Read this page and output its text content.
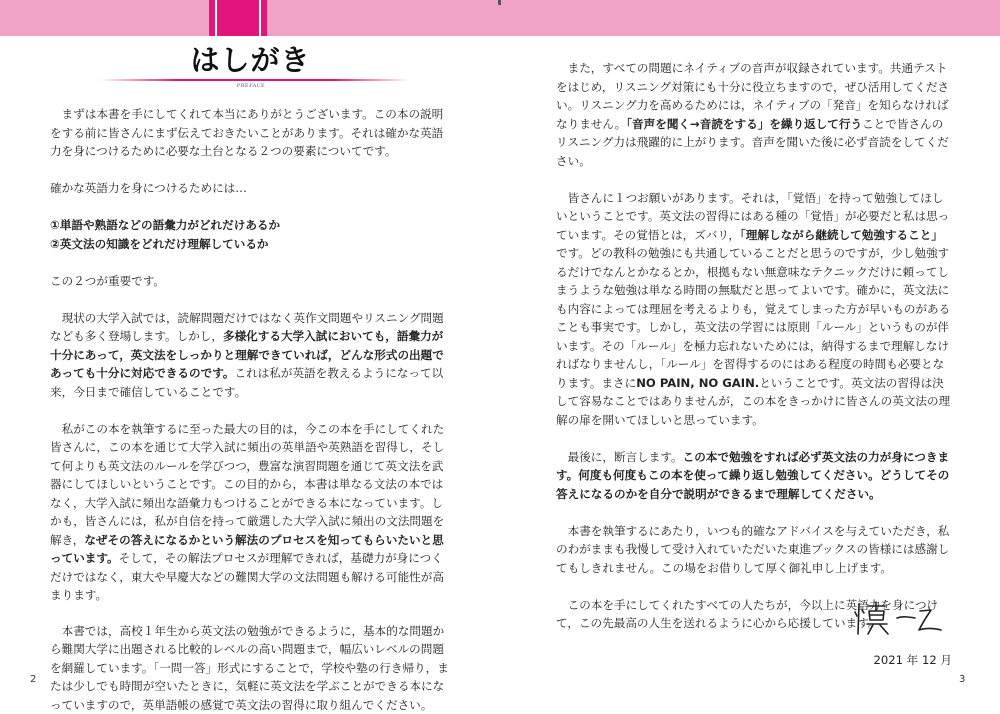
はしがき
PREFACE

まずは本書を手にしてくれて本当にありがとうございます。この本の説明をする前に皆さんにまず伝えておきたいことがあります。それは確かな英語力を身につけるために必要な土台となる２つの要素についてです。

確かな英語力を身につけるためには…

①単語や熟語などの語彙力がどれだけあるか

②英文法の知識をどれだけ理解しているか

この２つが重要です。

現状の大学入試では，読解問題だけではなく英作文問題やリスニング問題なども多く登場します。しかし，多様化する大学入試においても，語彙力が十分にあって，英文法をしっかりと理解できていれば，どんな形式の出題であっても十分に対応できるのです。これは私が英語を教えるようになって以来，今日まで確信していることです。

私がこの本を執筆するに至った最大の目的は，今この本を手にしてくれた皆さんに，この本を通じて大学入試に頻出の英単語や英熟語を習得し，そして何よりも英文法のルールを学びつつ，豊富な演習問題を通じて英文法を武器にしてほしいということです。この目的から，本書は単なる文法の本ではなく，大学入試に頻出な語彙力もつけることができる本になっています。しかも，皆さんには，私が自信を持って厳選した大学入試に頻出の文法問題を解き，なぜその答えになるかという解法のプロセスを知ってもらいたいと思っています。そして，その解法プロセスが理解できれば，基礎力が身につくだけではなく，東大や早慶大などの難関大学の文法問題も解ける可能性が高まります。

本書では，高校１年生から英文法の勉強ができるように，基本的な問題から難関大学に出題される比較的レベルの高い問題まで，幅広いレベルの問題を網羅しています。「一問一答」形式にすることで，学校や塾の行き帰り，または少しでも時間が空いたときに，気軽に英文法を学ぶことができる本になっていますので，英単語帳の感覚で英文法の習得に取り組んでください。

また，すべての問題にネイティブの音声が収録されています。共通テストをはじめ，リスニング対策にも十分に役立ちますので，ぜひ活用してください。リスニング力を高めるためには，ネイティブの「発音」を知らなければなりません。「音声を聞く→音読をする」を繰り返して行うことで皆さんのリスニング力は飛躍的に上がります。音声を聞いた後に必ず音読をしてください。

皆さんに１つお願いがあります。それは，「覚悟」を持って勉強してほしいということです。英文法の習得にはある種の「覚悟」が必要だと私は思っています。その覚悟とは，ズバリ，「理解しながら継続して勉強すること」です。どの教科の勉強にも共通していることだと思うのですが，少し勉強するだけでなんとかなるとか，根拠もない無意味なテクニックだけに頼ってしまうような勉強は単なる時間の無駄だと思ってよいです。確かに，英文法にも内容によっては理屈を考えるよりも，覚えてしまった方が早いものがあることも事実です。しかし，英文法の学習には原則「ルール」というものが伴います。その「ルール」を極力忘れないためには，納得するまで理解しなければなりませんし，「ルール」を習得するのにはある程度の時間も必要となります。まさにNO PAIN, NO GAIN.ということです。英文法の習得は決して容易なことではありませんが，この本をきっかけに皆さんの英文法の理解の扉を開いてほしいと思っています。

最後に，断言します。この本で勉強をすれば必ず英文法の力が身につきます。何度も何度もこの本を使って繰り返し勉強してください。どうしてその答えになるのかを自分で説明ができるまで理解してください。

本書を執筆するにあたり，いつも的確なアドバイスを与えていただき，私のわがままも我慢して受け入れていただいた東進ブックスの皆様には感謝してもしきれません。この場をお借りして厚く御礼申し上げます。

この本を手にしてくれたすべての人たちが，今以上に英語力を身につけて，この先最高の人生を送れるように心から応援しています。

2021 年 12 月

2	3
